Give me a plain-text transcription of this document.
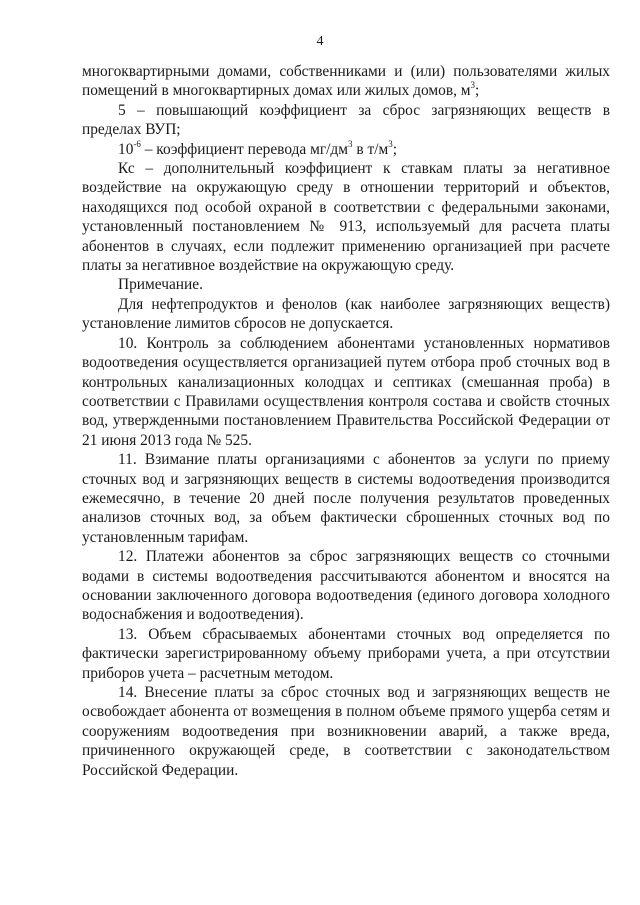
4

многоквартирными домами, собственниками и (или) пользователями жилых помещений в многоквартирных домах или жилых домов, $м^3$;

5 – повышающий коэффициент за сброс загрязняющих веществ в пределах ВУП;

$10^{-6}$ – коэффициент перевода $мг/дм^3$ в $т/м^3$;

Кс – дополнительный коэффициент к ставкам платы за негативное воздействие на окружающую среду в отношении территорий и объектов, находящихся под особой охраной в соответствии с федеральными законами, установленный постановлением № 913, используемый для расчета платы абонентов в случаях, если подлежит применению организацией при расчете платы за негативное воздействие на окружающую среду.

Примечание.

Для нефтепродуктов и фенолов (как наиболее загрязняющих веществ) установление лимитов сбросов не допускается.

10. Контроль за соблюдением абонентами установленных нормативов водоотведения осуществляется организацией путем отбора проб сточных вод в контрольных канализационных колодцах и септиках (смешанная проба) в соответствии с Правилами осуществления контроля состава и свойств сточных вод, утвержденными постановлением Правительства Российской Федерации от 21 июня 2013 года № 525.

11. Взимание платы организациями с абонентов за услуги по приему сточных вод и загрязняющих веществ в системы водоотведения производится ежемесячно, в течение 20 дней после получения результатов проведенных анализов сточных вод, за объем фактически сброшенных сточных вод по установленным тарифам.

12. Платежи абонентов за сброс загрязняющих веществ со сточными водами в системы водоотведения рассчитываются абонентом и вносятся на основании заключенного договора водоотведения (единого договора холодного водоснабжения и водоотведения).

13. Объем сбрасываемых абонентами сточных вод определяется по фактически зарегистрированному объему приборами учета, а при отсутствии приборов учета – расчетным методом.

14. Внесение платы за сброс сточных вод и загрязняющих веществ не освобождает абонента от возмещения в полном объеме прямого ущерба сетям и сооружениям водоотведения при возникновении аварий, а также вреда, причиненного окружающей среде, в соответствии с законодательством Российской Федерации.
